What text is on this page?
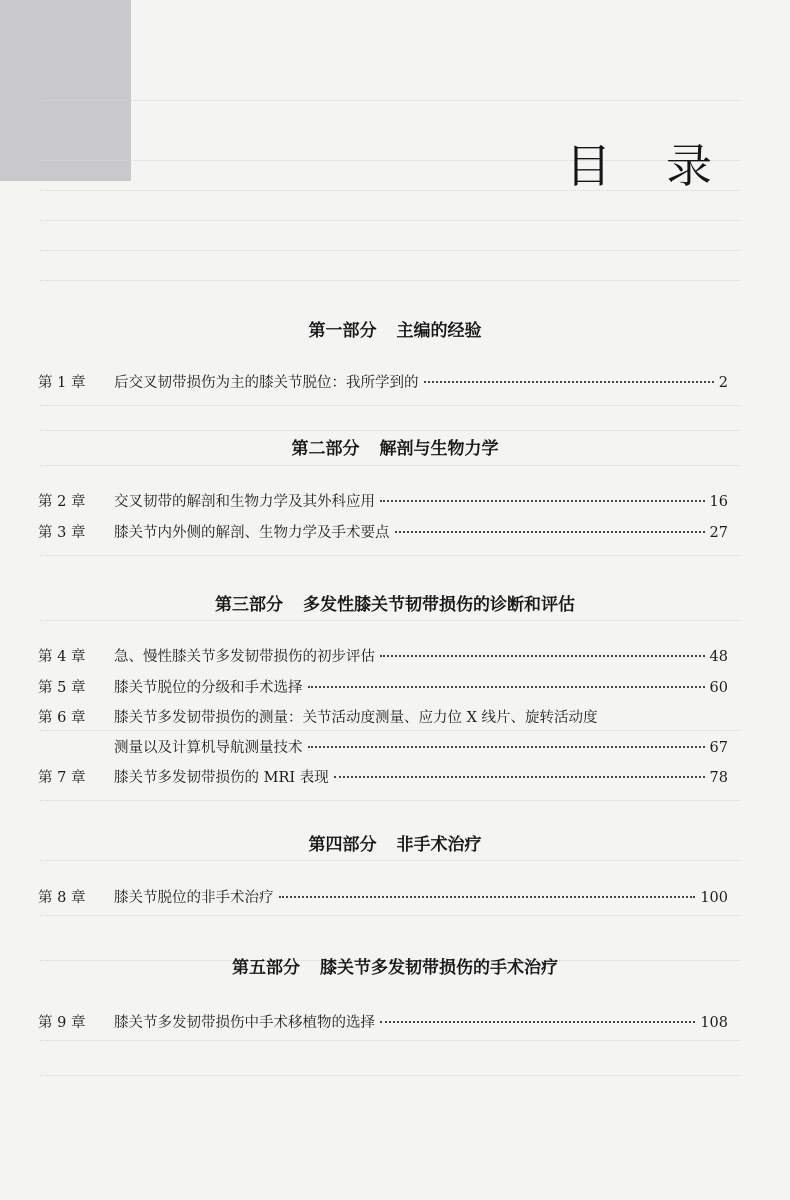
目 录
第一部分 主编的经验
第 1 章	后交叉韧带损伤为主的膝关节脱位：我所学到的	2
第二部分 解剖与生物力学
第 2 章	交叉韧带的解剖和生物力学及其外科应用	16
第 3 章	膝关节内外侧的解剖、生物力学及手术要点	27
第三部分 多发性膝关节韧带损伤的诊断和评估
第 4 章	急、慢性膝关节多发韧带损伤的初步评估	48
第 5 章	膝关节脱位的分级和手术选择	60
第 6 章	膝关节多发韧带损伤的测量：关节活动度测量、应力位 X 线片、旋转活动度
测量以及计算机导航测量技术	67
第 7 章	膝关节多发韧带损伤的 MRI 表现	78
第四部分 非手术治疗
第 8 章	膝关节脱位的非手术治疗	100
第五部分 膝关节多发韧带损伤的手术治疗
第 9 章	膝关节多发韧带损伤中手术移植物的选择	108
